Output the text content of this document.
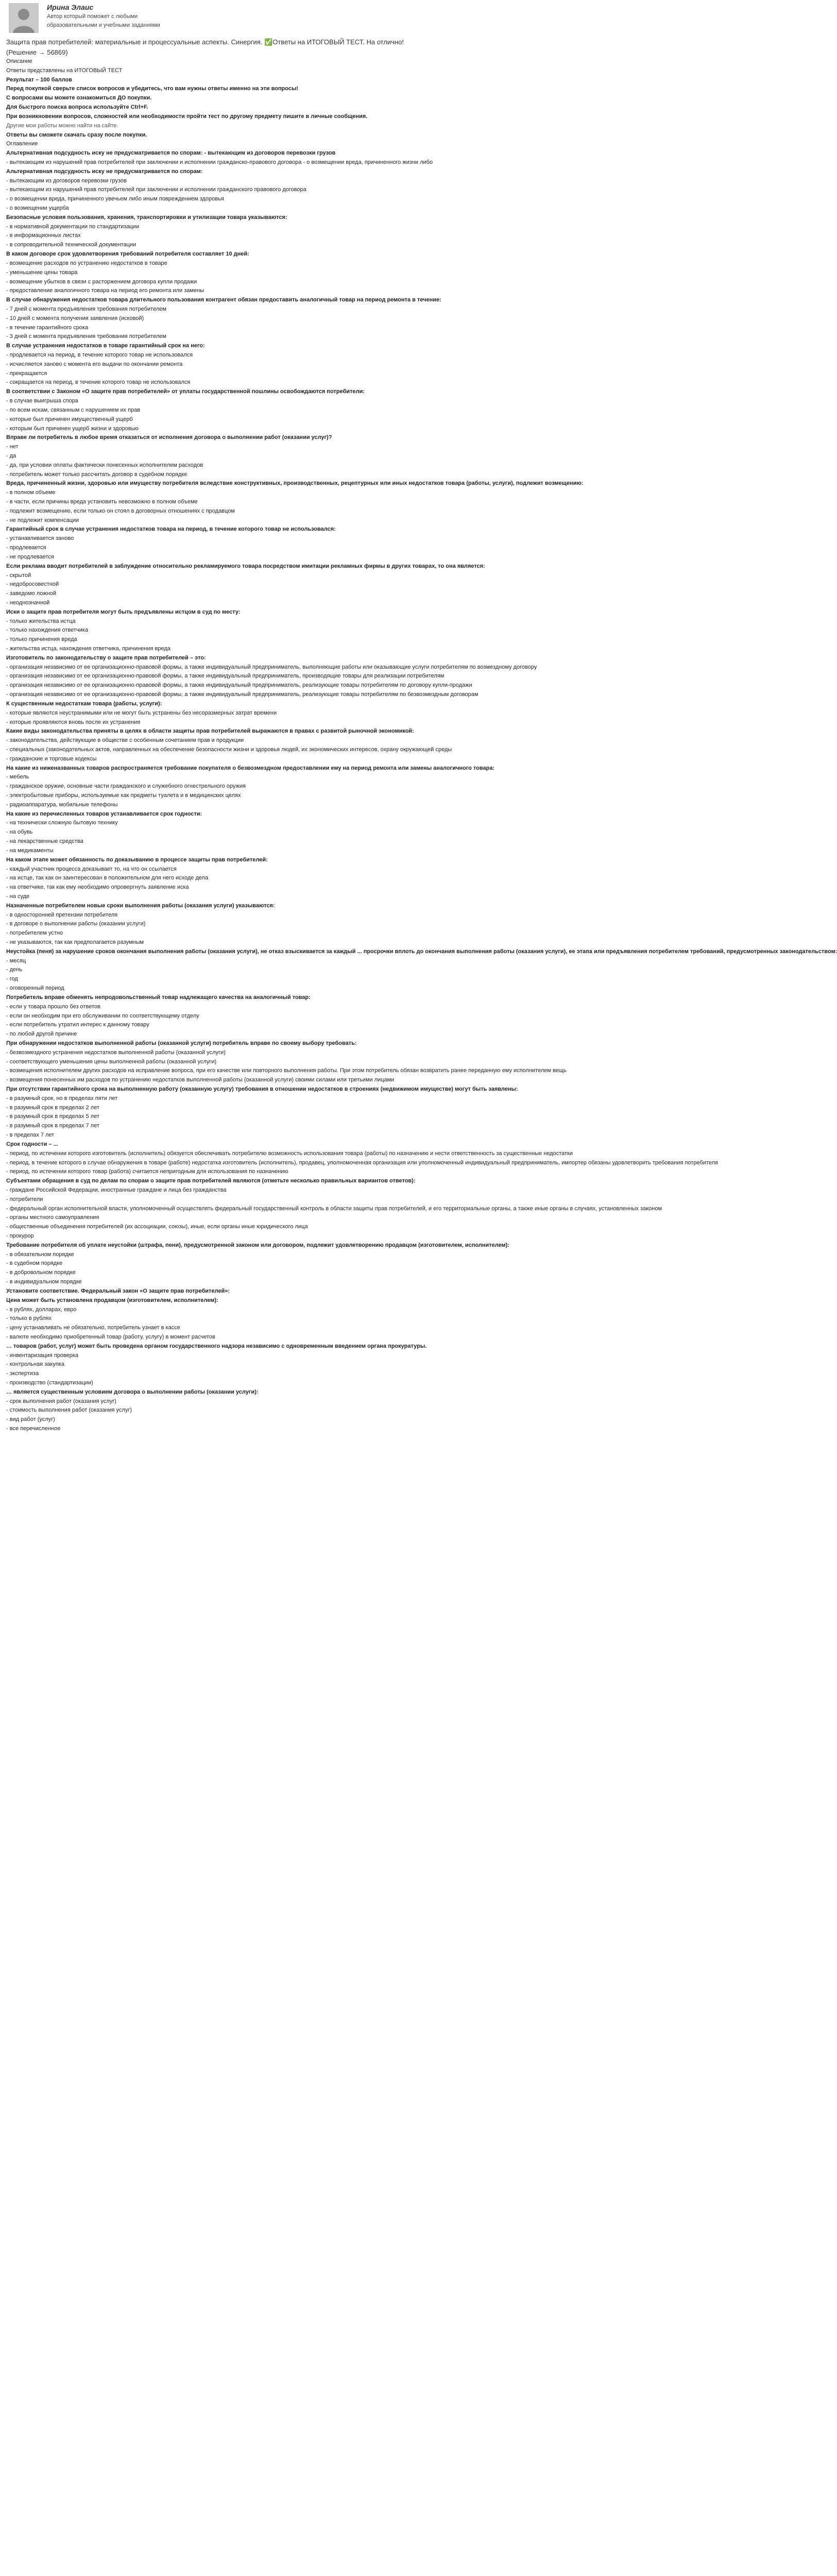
Ирина Элаис
Автор который поможет с любыми образовательными и учебными заданиями
Защита прав потребителей: материальные и процессуальные аспекты. Синергия. ✅Ответы на ИТОГОВЫЙ ТЕСТ. На отлично! (Решение → 56869)

Описание

Ответы представлены на ИТОГОВЫЙ ТЕСТ

Результат – 100 баллов

Перед покупкой сверьте список вопросов и убедитесь, что вам нужны ответы именно на эти вопросы!

С вопросами вы можете ознакомиться ДО покупки.

Для быстрого поиска вопроса используйте Ctrl+F.

При возникновении вопросов, сложностей или необходимости пройти тест по другому предмету пишите в личные сообщения.

Другие мои работы можно найти на сайте.

Ответы вы сможете скачать сразу после покупки.

Оглавление

Альтернативная подсудность иску не предусматривается по спорам: - вытекающим из договоров перевозки грузов

- вытекающим из нарушений прав потребителей при заключении и исполнении гражданско-правового договора - о возмещении вреда, причиненного жизни либо

Альтернативная подсудность иску не предусматривается по спорам:

- вытекающим из договоров перевозки грузов

- вытекающим из нарушений прав потребителей при заключении и исполнении гражданского правового договора

- о возмещении вреда, причиненного увечьем либо иным повреждением здоровья

- о возмещении ущерба

Безопасные условия пользования, хранения, транспортировки и утилизации товара указываются:

- в нормативной документации по стандартизации

- в информационных листах

- в сопроводительной технической документации

В каком договоре срок удовлетворения требований потребителя составляет 10 дней:

- возмещение расходов по устранению недостатков в товаре

- уменьшение цены товара

- возмещение убытков в связи с расторжением договора купли продажи

- предоставление аналогичного товара на период его ремонта или замены

В случае обнаружения недостатков товара длительного пользования контрагент обязан предоставить аналогичный товар на период ремонта в течение:

- 7 дней с момента предъявления требования потребителем

- 10 дней с момента получения заявления (исковой)

- в течение гарантийного срока

- 3 дней с момента предъявления требования потребителем

В случае устранения недостатков в товаре гарантийный срок на него:

- продлевается на период, в течение которого товар не использовался

- исчисляется заново с момента его выдачи по окончании ремонта

- прекращается

- сокращается на период, в течение которого товар не использовался

В соответствии с Законом «О защите прав потребителей» от уплаты государственной пошлины освобождаются потребители:

- в случае выигрыша спора

- по всем искам, связанным с нарушением их прав

- которые был причинен имущественный ущерб

- которым был причинен ущерб жизни и здоровью

Вправе ли потребитель в любое время отказаться от исполнения договора о выполнении работ (оказании услуг)?

- нет

- да

- да, при условии оплаты фактически понесенных исполнителем расходов

- потребитель может только рассчитать договор в судебном порядке

Вреда, причиненный жизни, здоровью или имуществу потребителя вследствие конструктивных, производственных, рецептурных или иных недостатков товара (работы, услуги), подлежит возмещению:

- в полном объеме

- в части, если причины вреда установить невозможно в полном объеме

- подлежит возмещению, если только он стоял в договорных отношениях с продавцом

- не подлежит компенсации

Гарантийный срок в случае устранения недостатков товара на период, в течение которого товар не использовался:

- устанавливается заново

- продлевается

- не продлевается

Если реклама вводит потребителей в заблуждение относительно рекламируемого товара посредством имитации рекламных фирмы в других товарах, то она является:

- скрытой

- недобросовестной

- заведомо ложной

- неоднозначной

Иски о защите прав потребителя могут быть предъявлены истцом в суд по месту:

- только жительства истца

- только нахождения ответчика

- только причинения вреда

- жительства истца, нахождения ответчика, причинения вреда

Изготовитель по законодательству о защите прав потребителей – это:

- организация независимо от ее организационно-правовой формы, а также индивидуальный предприниматель, выполняющие работы или оказывающие услуги потребителям по возмездному договору

- организация независимо от ее организационно-правовой формы, а также индивидуальный предприниматель, производящие товары для реализации потребителям

- организация независимо от ее организационно-правовой формы, а также индивидуальный предприниматель, реализующие товары потребителям по договору купли-продажи

- организация независимо от ее организационно-правовой формы, а также индивидуальный предприниматель, реализующие товары потребителям по безвозмездным договорам

К существенным недостаткам товара (работы, услуги):

- которые являются неустранимыми или не могут быть устранены без несоразмерных затрат времени

- которые проявляются вновь после их устранения

Какие виды законодательства приняты в целях в области защиты прав потребителей выражаются в правах с развитой рыночной экономикой:

- законодательства, действующие в обществе с особенным сочетанием прав и продукции

- специальных (законодательных актов, направленных на обеспечение безопасности жизни и здоровья людей, их экономических интересов, охрану окружающей среды

- гражданские и торговые кодексы

На какие из ниженазванных товаров распространяется требование покупателя о безвозмездном предоставлении ему на период ремонта или замены аналогичного товара:

- мебель

- гражданское оружие, основные части гражданского и служебного огнестрельного оружия

- электробытовые приборы, используемые как предметы туалета и в медицинских целях

- радиоаппаратура, мобильные телефоны

На какие из перечисленных товаров устанавливается срок годности:

- на технически сложную бытовую технику

- на обувь

- на лекарственные средства

- на медикаменты

На каком этапе может обязанность по доказыванию в процессе защиты прав потребителей:

- каждый участник процесса доказывает то, на что он ссылается

- на истце, так как он заинтересован в положительном для него исходе дела

- на ответчике, так как ему необходимо опровергнуть заявление иска

- на суде

Назначенные потребителем новые сроки выполнения работы (оказания услуги) указываются:

- в односторонней претензии потребителя

- в договоре о выполнении работы (оказании услуги)

- потребителем устно

- не указываются, так как предполагается разумным

Неустойка (пеня) за нарушение сроков окончания выполнения работы (оказания услуги), не отказ взыскивается за каждый ... просрочки вплоть до окончания выполнения работы (оказания услуги), ее этапа или предъявления потребителем требований, предусмотренных законодательством:

- месяц

- день

- год

- оговоренный период

Потребитель вправе обменять непродовольственный товар надлежащего качества на аналогичный товар:

- если у товара прошло без ответов

- если он необходим при его обслуживании по соответствующему отделу

- если потребитель утратил интерес к данному товару

- по любой другой причине

При обнаружении недостатков выполненной работы (оказанной услуги) потребитель вправе по своему выбору требовать:

- безвозмездного устранения недостатков выполненной работы (оказанной услуги)

- соответствующего уменьшения цены выполненной работы (оказанной услуги)

- возмещения исполнителем других расходов на исправление вопроса, при его качестве или повторного выполнения работы. При этом потребитель обязан возвратить ранее переданную ему исполнителем вещь

- возмещения понесенных им расходов по устранению недостатков выполненной работы (оказанной услуги) своими силами или третьими лицами

При отсутствии гарантийного срока на выполненную работу (оказанную услугу) требования в отношении недостатков в строениях (недвижимом имуществе) могут быть заявлены:

- в разумный срок, но в пределах пяти лет

- в разумный срок в пределах 2 лет

- в разумный срок в пределах 5 лет

- в разумный срок в пределах 7 лет

- в пределах 7 лет

Срок годности – ...

- период, по истечении которого изготовитель (исполнитель) обязуется обеспечивать потребителю возможность использования товара (работы) по назначению и нести ответственность за существенные недостатки

- период, в течение которого в случае обнаружения в товаре (работе) недостатка изготовитель (исполнитель), продавец, уполномоченная организация или уполномоченный индивидуальный предприниматель, импортер обязаны удовлетворить требования потребителя

- период, по истечении которого товар (работа) считается непригодным для использования по назначению

Субъектами обращения в суд по делам по спорам о защите прав потребителей являются (отметьте несколько правильных вариантов ответов):

- граждане Российской Федерации, иностранные граждане и лица без гражданства

- потребители

- федеральный орган исполнительной власти, уполномоченный осуществлять федеральный государственный контроль в области защиты прав потребителей, и его территориальные органы, а также иные органы в случаях, установленных законом

- органы местного самоуправления

- общественные объединения потребителей (их ассоциации, союзы), иные, если органы иные юридического лица

- прокурор

Требование потребителя об уплате неустойки (штрафа, пени), предусмотренной законом или договором, подлежит удовлетворению продавцом (изготовителем, исполнителем):

- в обязательном порядке

- в судебном порядке

- в добровольном порядке

- в индивидуальном порядке

Установите соответствие. Федеральный закон «О защите прав потребителей»:

Цена может быть установлена продавцом (изготовителем, исполнителем):

- в рублях, долларах, евро

- только в рублях

- цену устанавливать не обязательно, потребитель узнает в кассе

- валюте необходимо приобретенный товар (работу, услугу) в момент расчетов

… товаров (работ, услуг) может быть проведена органом государственного надзора независимо с одновременным введением органа прокуратуры.

- инвентаризация проверка

- контрольная закупка

- экспертиза

- производство (стандартизации)

… является существенным условием договора о выполнении работы (оказании услуги):

- срок выполнения работ (оказания услуг)

- стоимость выполнения работ (оказания услуг)

- вид работ (услуг)

- все перечисленное
